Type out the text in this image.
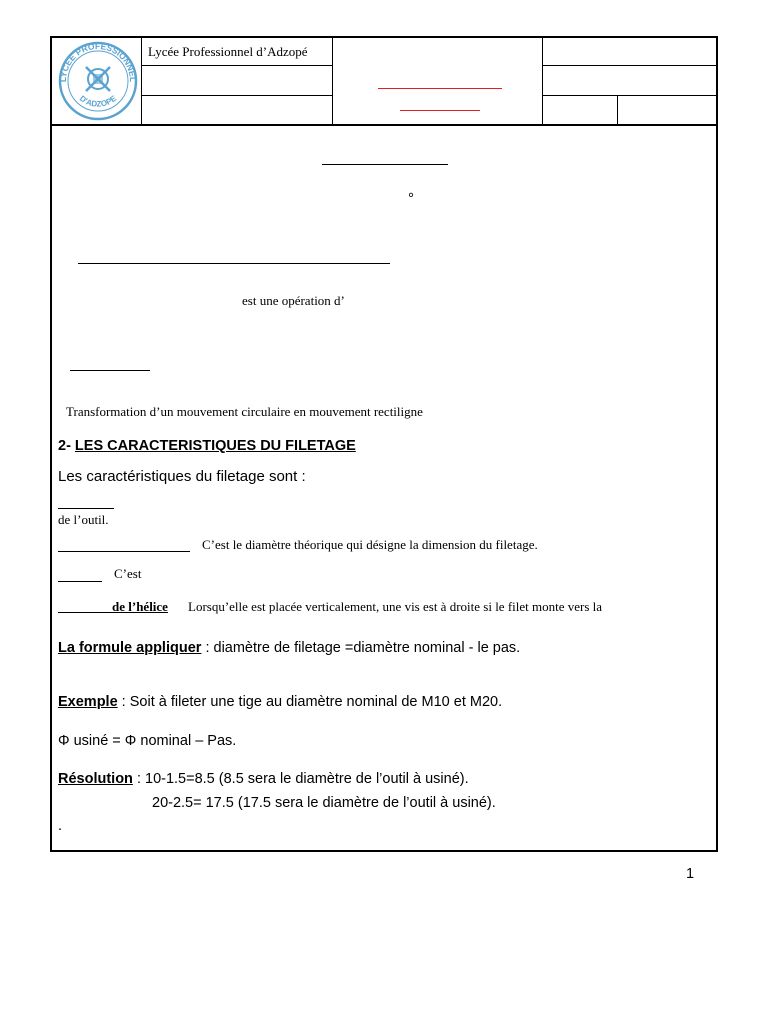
LYCEE PROFESSIONNEL
D'ADZOPE
Lycée Professionnel d’Adzopé
°
est une opération d’
Transformation d’un mouvement circulaire en mouvement rectiligne
2- LES CARACTERISTIQUES DU FILETAGE
Les caractéristiques du filetage sont :
de l’outil.
C’est le diamètre théorique qui désigne la dimension du filetage.
C’est
de l’hélice Lorsqu’elle est placée verticalement, une vis est à droite si le filet monte vers la
La formule appliquer : diamètre de filetage =diamètre nominal - le pas.
Exemple : Soit à fileter une tige au diamètre nominal de M10 et M20.
Φ usiné = Φ nominal – Pas.
Résolution : 10-1.5=8.5 (8.5 sera le diamètre de l’outil à usiné).
20-2.5= 17.5 (17.5 sera le diamètre de l’outil à usiné).
.
1
